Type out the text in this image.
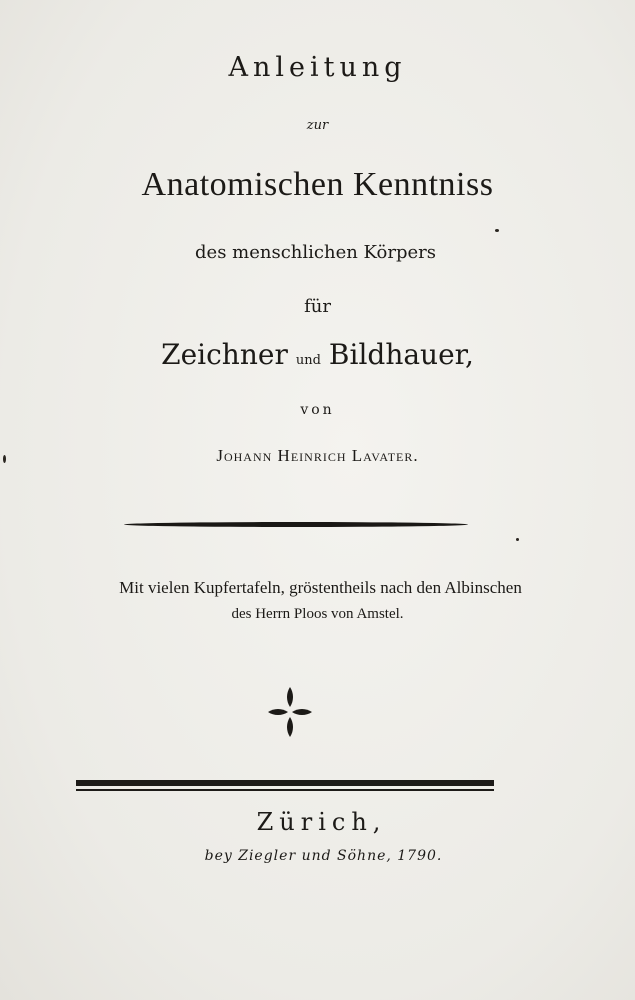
Anleitung
zur
Anatomischen Kenntniss
des menschlichen Körpers
für
Zeichner und Bildhauer,
von
Johann Heinrich Lavater.
Mit vielen Kupfertafeln, gröstentheils nach den Albinschen
des Herrn Ploos von Amstel.
Zürich,
bey Ziegler und Söhne, 1790.
